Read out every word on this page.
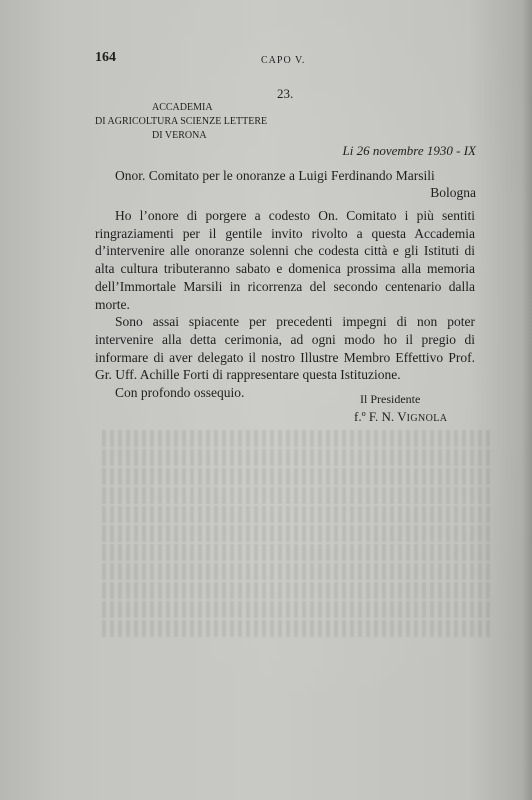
164	CAPO V.
23.
ACCADEMIA
DI AGRICOLTURA SCIENZE LETTERE
DI VERONA
Li 26 novembre 1930 - IX
Onor. Comitato per le onoranze a Luigi Ferdinando Marsili
Bologna

Ho l’onore di porgere a codesto On. Comitato i più sentiti ringraziamenti per il gentile invito rivolto a questa Accademia d’intervenire alle onoranze solenni che codesta città e gli Istituti di alta cultura tributeranno sabato e domenica prossima alla memoria dell’Immortale Marsili in ricorrenza del secondo centenario dalla morte.

Sono assai spiacente per precedenti impegni di non poter intervenire alla detta cerimonia, ad ogni modo ho il pregio di informare di aver delegato il nostro Illustre Membro Effettivo Prof. Gr. Uff. Achille Forti di rappresentare questa Istituzione.

Con profondo ossequio.	Il Presidente
f.º F. N. VIGNOLA
